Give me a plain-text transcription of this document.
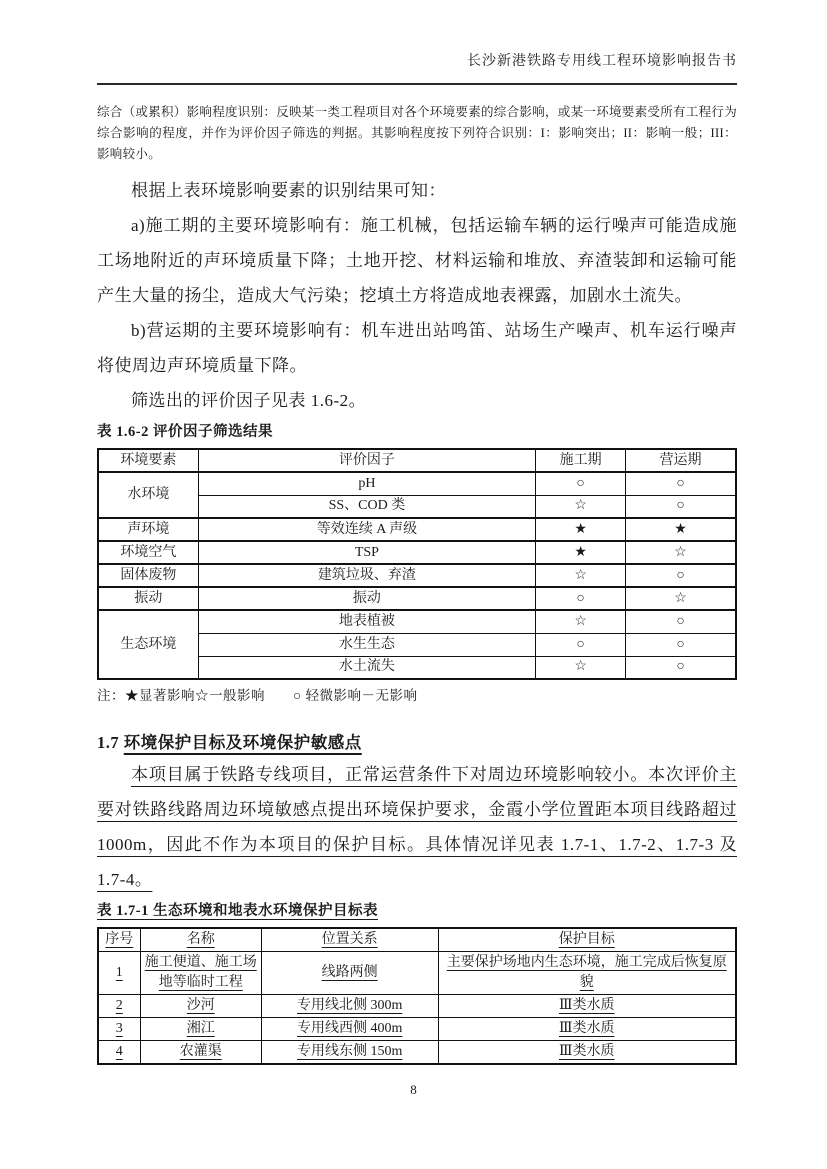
长沙新港铁路专用线工程环境影响报告书

综合（或累积）影响程度识别：反映某一类工程项目对各个环境要素的综合影响，或某一环境要素受所有工程行为综合影响的程度，并作为评价因子筛选的判据。其影响程度按下列符合识别：I：影响突出；II：影响一般；III：影响较小。

根据上表环境影响要素的识别结果可知：

a)施工期的主要环境影响有：施工机械，包括运输车辆的运行噪声可能造成施工场地附近的声环境质量下降；土地开挖、材料运输和堆放、弃渣装卸和运输可能产生大量的扬尘，造成大气污染；挖填土方将造成地表裸露，加剧水土流失。

b)营运期的主要环境影响有：机车进出站鸣笛、站场生产噪声、机车运行噪声将使周边声环境质量下降。

筛选出的评价因子见表 1.6-2。

表 1.6-2 评价因子筛选结果
环境要素	评价因子	施工期	营运期
水环境	pH	○	○
	SS、COD 类	☆	○
声环境	等效连续 A 声级	★	★
环境空气	TSP	★	☆
固体废物	建筑垃圾、弃渣	☆	○
振动	振动	○	☆
生态环境	地表植被	☆	○
	水生生态	○	○
	水土流失	☆	○
注：★显著影响☆一般影响　　○ 轻微影响－无影响
1.7 环境保护目标及环境保护敏感点

本项目属于铁路专线项目，正常运营条件下对周边环境影响较小。本次评价主要对铁路线路周边环境敏感点提出环境保护要求，金霞小学位置距本项目线路超过1000m，因此不作为本项目的保护目标。具体情况详见表 1.7-1、1.7-2、1.7-3 及 1.7-4。

表 1.7-1 生态环境和地表水环境保护目标表
序号	名称	位置关系	保护目标
1	施工便道、施工场地等临时工程	线路两侧	主要保护场地内生态环境，施工完成后恢复原貌
2	沙河	专用线北侧 300m	Ⅲ类水质
3	湘江	专用线西侧 400m	Ⅲ类水质
4	农灌渠	专用线东侧 150m	Ⅲ类水质
8
